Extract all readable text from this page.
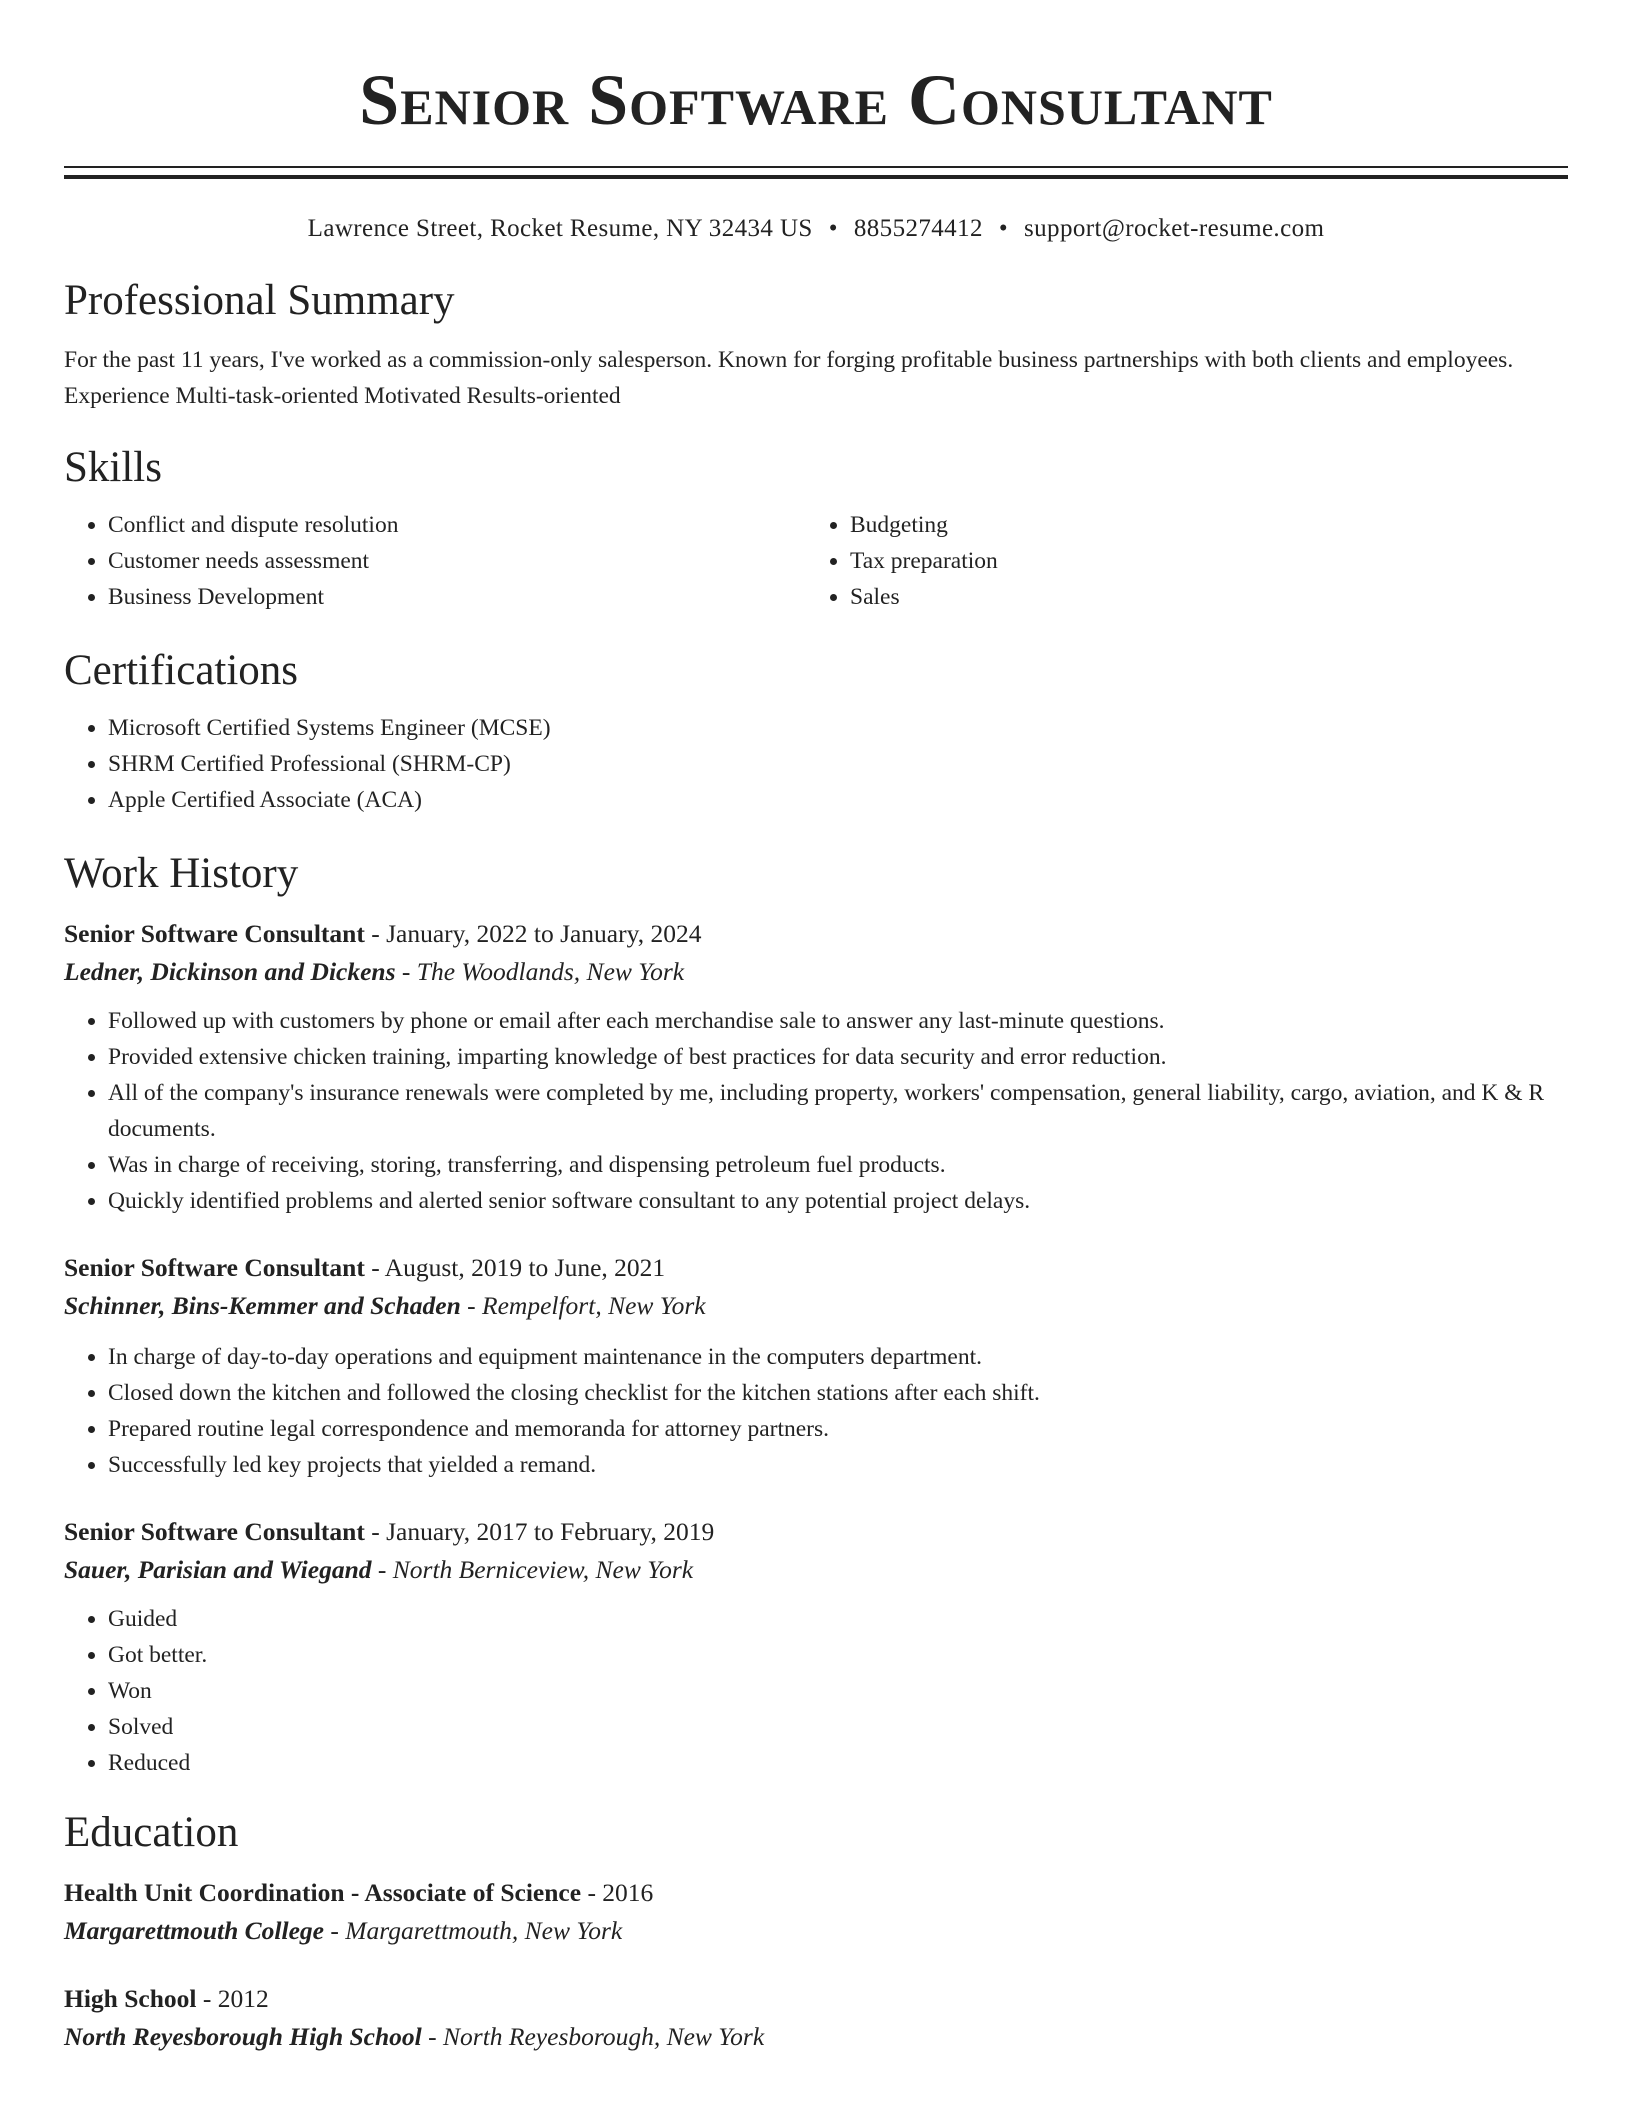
Senior Software Consultant
Lawrence Street, Rocket Resume, NY 32434 US • 8855274412 • support@rocket-resume.com
Professional Summary
For the past 11 years, I've worked as a commission-only salesperson. Known for forging profitable business partnerships with both clients and employees. Experience Multi-task-oriented Motivated Results-oriented
Skills
• Conflict and dispute resolution
• Customer needs assessment
• Business Development
• Budgeting
• Tax preparation
• Sales
Certifications
• Microsoft Certified Systems Engineer (MCSE)
• SHRM Certified Professional (SHRM-CP)
• Apple Certified Associate (ACA)
Work History
Senior Software Consultant - January, 2022 to January, 2024
Ledner, Dickinson and Dickens - The Woodlands, New York
• Followed up with customers by phone or email after each merchandise sale to answer any last-minute questions.
• Provided extensive chicken training, imparting knowledge of best practices for data security and error reduction.
• All of the company's insurance renewals were completed by me, including property, workers' compensation, general liability, cargo, aviation, and K & R documents.
• Was in charge of receiving, storing, transferring, and dispensing petroleum fuel products.
• Quickly identified problems and alerted senior software consultant to any potential project delays.
Senior Software Consultant - August, 2019 to June, 2021
Schinner, Bins-Kemmer and Schaden - Rempelfort, New York
• In charge of day-to-day operations and equipment maintenance in the computers department.
• Closed down the kitchen and followed the closing checklist for the kitchen stations after each shift.
• Prepared routine legal correspondence and memoranda for attorney partners.
• Successfully led key projects that yielded a remand.
Senior Software Consultant - January, 2017 to February, 2019
Sauer, Parisian and Wiegand - North Berniceview, New York
• Guided
• Got better.
• Won
• Solved
• Reduced
Education
Health Unit Coordination - Associate of Science - 2016
Margarettmouth College - Margarettmouth, New York
High School - 2012
North Reyesborough High School - North Reyesborough, New York
